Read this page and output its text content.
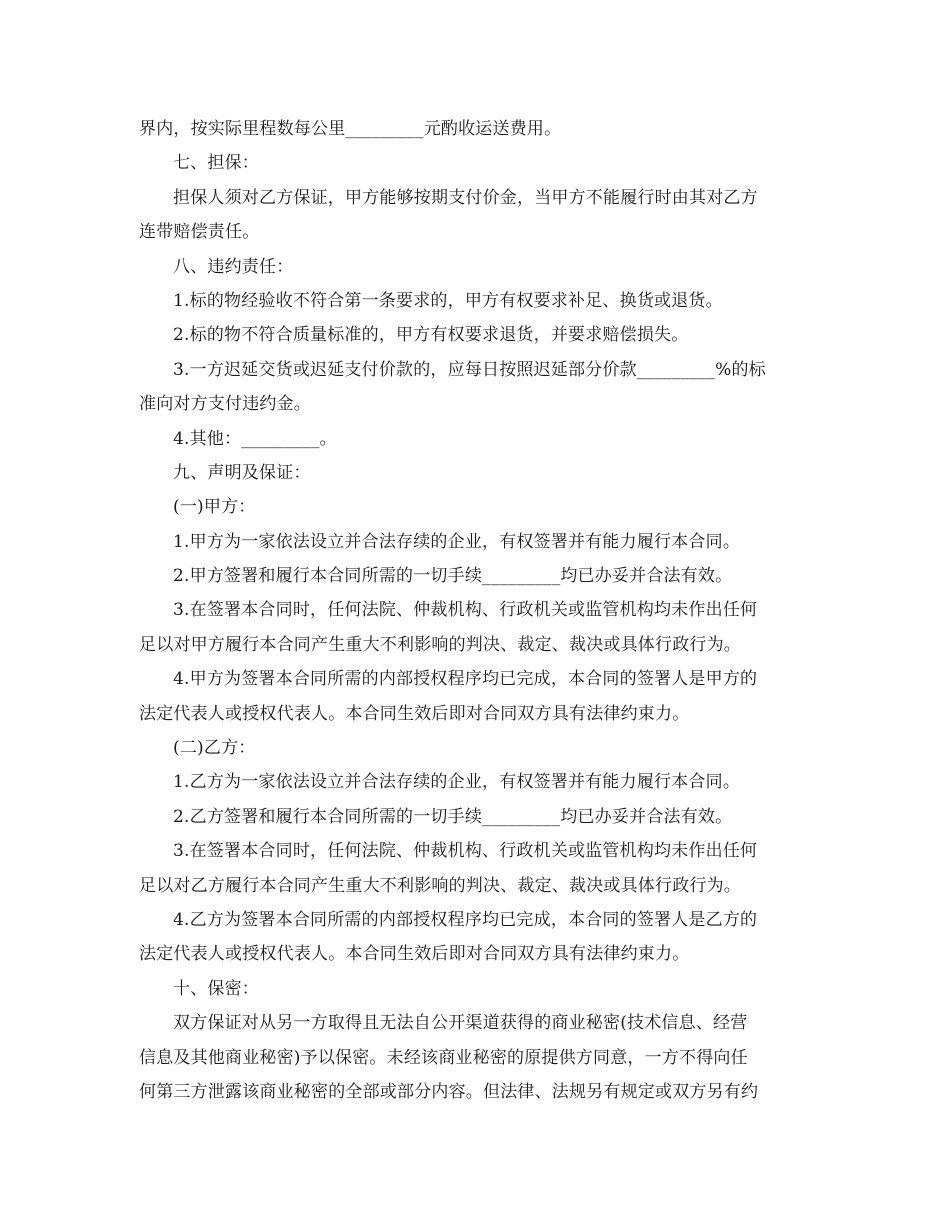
界内，按实际里程数每公里_________元酌收运送费用。
七、担保：
担保人须对乙方保证，甲方能够按期支付价金，当甲方不能履行时由其对乙方
连带赔偿责任。
八、违约责任：
1.标的物经验收不符合第一条要求的，甲方有权要求补足、换货或退货。
2.标的物不符合质量标准的，甲方有权要求退货，并要求赔偿损失。
3.一方迟延交货或迟延支付价款的，应每日按照迟延部分价款_________%的标
准向对方支付违约金。
4.其他：_________。
九、声明及保证：
(一)甲方：
1.甲方为一家依法设立并合法存续的企业，有权签署并有能力履行本合同。
2.甲方签署和履行本合同所需的一切手续_________均已办妥并合法有效。
3.在签署本合同时，任何法院、仲裁机构、行政机关或监管机构均未作出任何
足以对甲方履行本合同产生重大不利影响的判决、裁定、裁决或具体行政行为。
4.甲方为签署本合同所需的内部授权程序均已完成，本合同的签署人是甲方的
法定代表人或授权代表人。本合同生效后即对合同双方具有法律约束力。
(二)乙方：
1.乙方为一家依法设立并合法存续的企业，有权签署并有能力履行本合同。
2.乙方签署和履行本合同所需的一切手续_________均已办妥并合法有效。
3.在签署本合同时，任何法院、仲裁机构、行政机关或监管机构均未作出任何
足以对乙方履行本合同产生重大不利影响的判决、裁定、裁决或具体行政行为。
4.乙方为签署本合同所需的内部授权程序均已完成，本合同的签署人是乙方的
法定代表人或授权代表人。本合同生效后即对合同双方具有法律约束力。
十、保密：
双方保证对从另一方取得且无法自公开渠道获得的商业秘密(技术信息、经营
信息及其他商业秘密)予以保密。未经该商业秘密的原提供方同意，一方不得向任
何第三方泄露该商业秘密的全部或部分内容。但法律、法规另有规定或双方另有约
